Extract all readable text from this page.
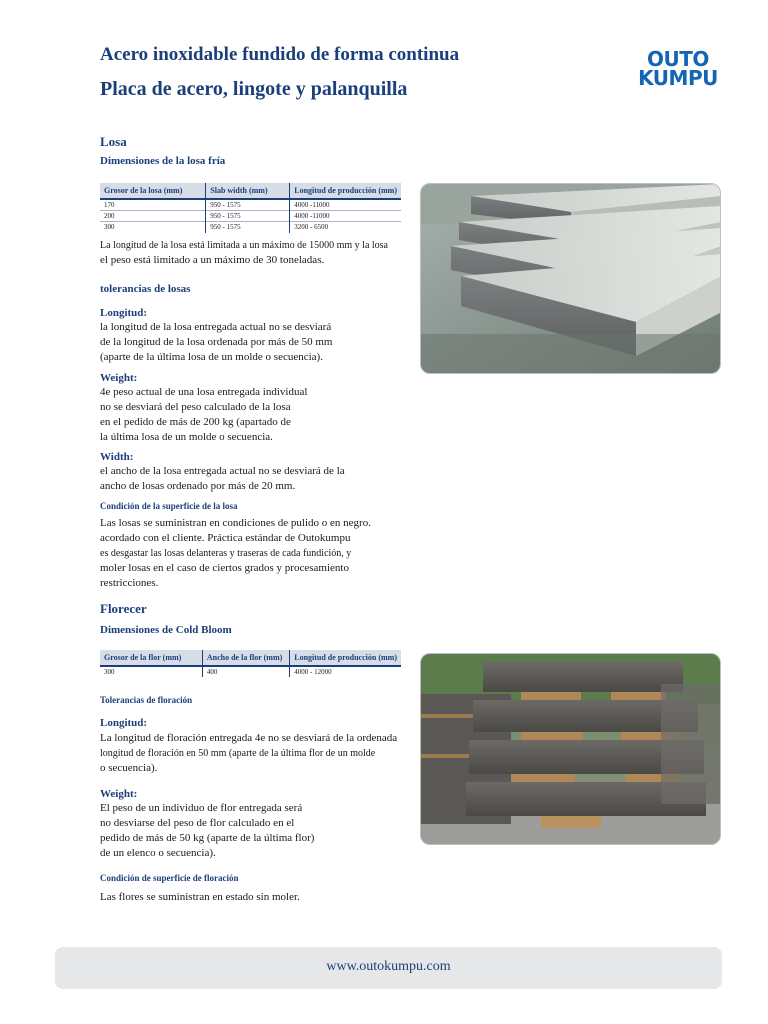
Acero inoxidable fundido de forma continua
Placa de acero, lingote y palanquilla
OUTO
KUMPU
Losa
Dimensiones de la losa fría
Grosor de la losa (mm)	Slab width (mm)	Longitud de producción (mm)
170	950 - 1575	4000 -11000
200	950 - 1575	4000 -11000
300	950 - 1575	3200 - 6500
La longitud de la losa está limitada a un máximo de 15000 mm y la losa
el peso está limitado a un máximo de 30 toneladas.
tolerancias de losas
Longitud:
la longitud de la losa entregada actual no se desviará
de la longitud de la losa ordenada por más de 50 mm
(aparte de la última losa de un molde o secuencia).
Weight:
4e peso actual de una losa entregada individual
no se desviará del peso calculado de la losa
en el pedido de más de 200 kg (apartado de
la última losa de un molde o secuencia.
Width:
el ancho de la losa entregada actual no se desviará de la
ancho de losas ordenado por más de 20 mm.
Condición de la superficie de la losa
Las losas se suministran en condiciones de pulido o en negro.
acordado con el cliente. Práctica estándar de Outokumpu
es desgastar las losas delanteras y traseras de cada fundición, y
moler losas en el caso de ciertos grados y procesamiento
restricciones.
Florecer
Dimensiones de Cold Bloom
Grosor de la flor (mm)	Ancho de la flor (mm)	Longitud de producción (mm)
300	400	4000 - 12000
Tolerancias de floración
Longitud:
La longitud de floración entregada 4e no se desviará de la ordenada
longitud de floración en 50 mm (aparte de la última flor de un molde
o secuencia).
Weight:
El peso de un individuo de flor entregada será
no desviarse del peso de flor calculado en el
pedido de más de 50 kg (aparte de la última flor)
de un elenco o secuencia).
Condición de superficie de floración
Las flores se suministran en estado sin moler.
www.outokumpu.com
